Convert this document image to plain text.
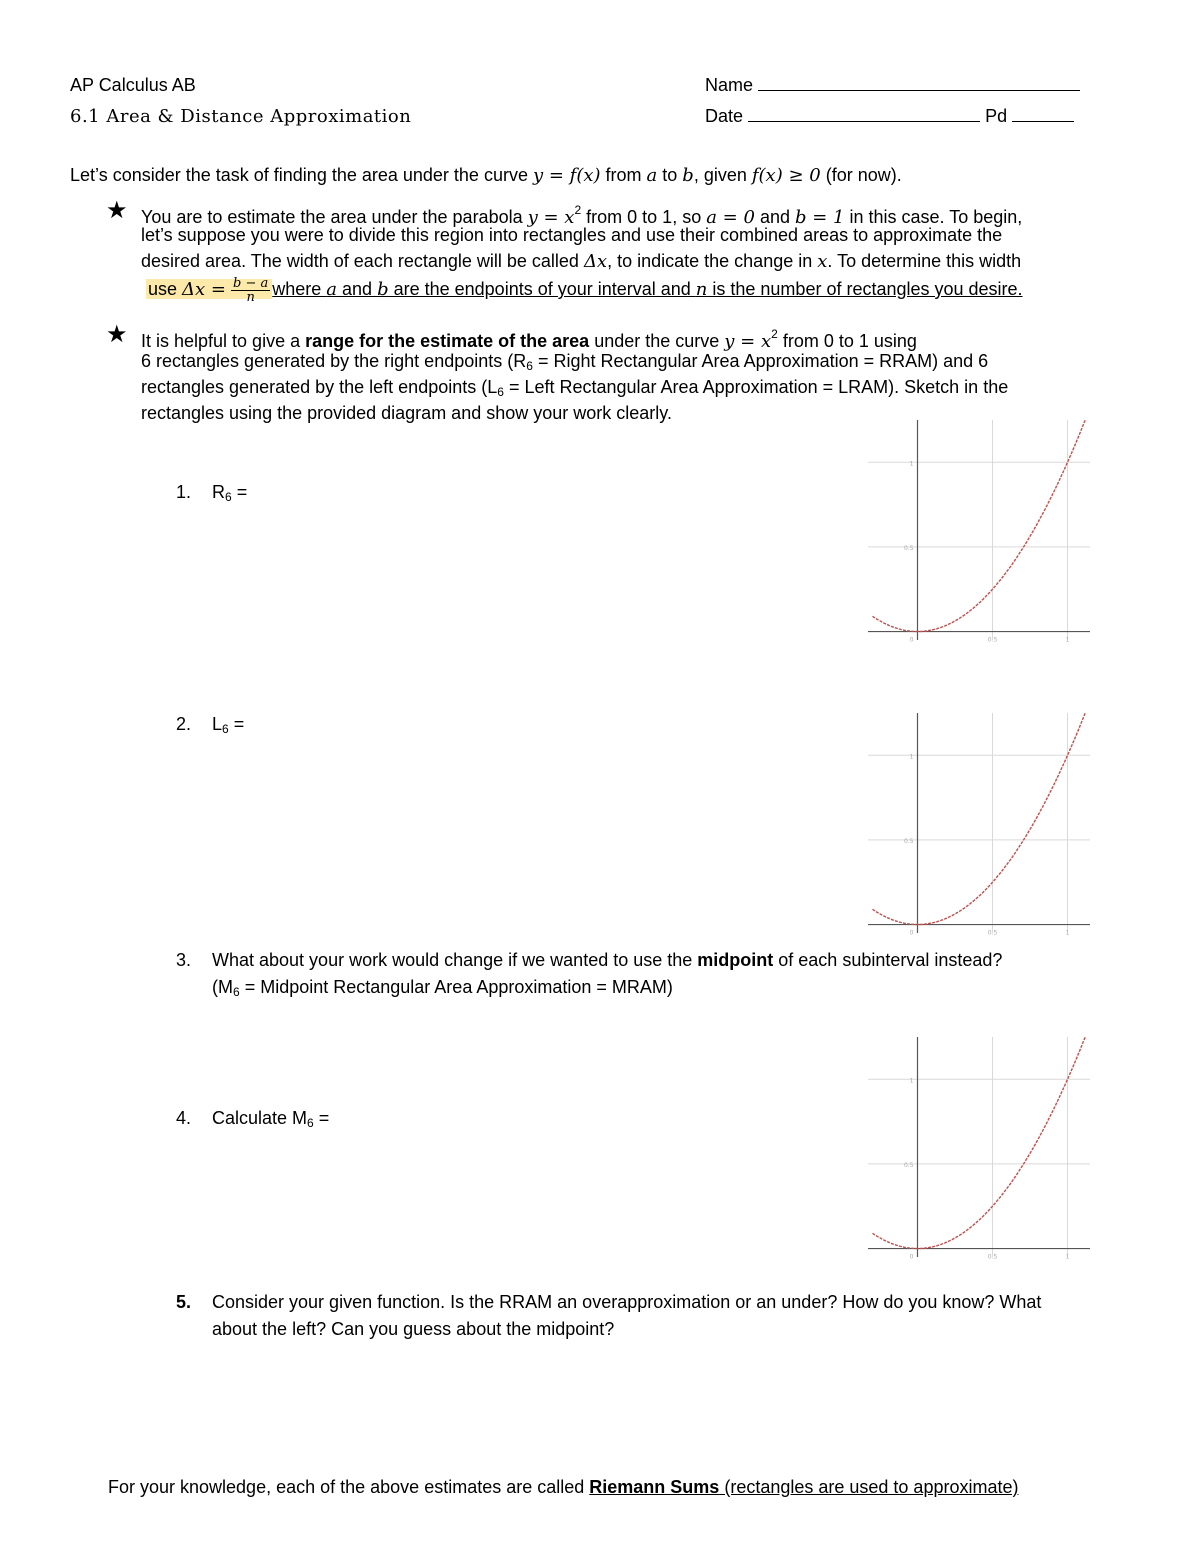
AP Calculus AB
6.1 Area & Distance Approximation
Name
Date	Pd
Let’s consider the task of finding the area under the curve y = f(x) from a to b, given f(x) ≥ 0 (for now).
★ You are to estimate the area under the parabola $y = x^2$ from 0 to 1, so a = 0 and b = 1 in this case. To begin,
let’s suppose you were to divide this region into rectangles and use their combined areas to approximate the
desired area. The width of each rectangle will be called Δx, to indicate the change in x. To determine this width
use $\Delta x = \frac{b - a}{n}$ where a and b are the endpoints of your interval and n is the number of rectangles you desire.
★ It is helpful to give a range for the estimate of the area under the curve $y = x^2$ from 0 to 1 using
6 rectangles generated by the right endpoints ($R_6$ = Right Rectangular Area Approximation = RRAM) and 6
rectangles generated by the left endpoints ($L_6$ = Left Rectangular Area Approximation = LRAM). Sketch in the
rectangles using the provided diagram and show your work clearly.
1. $R_6$ =
2. $L_6$ =
3. What about your work would change if we wanted to use the midpoint of each subinterval instead?
($M_6$ = Midpoint Rectangular Area Approximation = MRAM)
4. Calculate $M_6$ =
5. Consider your given function. Is the RRAM an overapproximation or an under? How do you know? What
about the left? Can you guess about the midpoint?
For your knowledge, each of the above estimates are called Riemann Sums (rectangles are used to approximate)
1
0.5
0	0.5	1
1
0.5
0	0.5	1
1
0.5
0	0.5	1
